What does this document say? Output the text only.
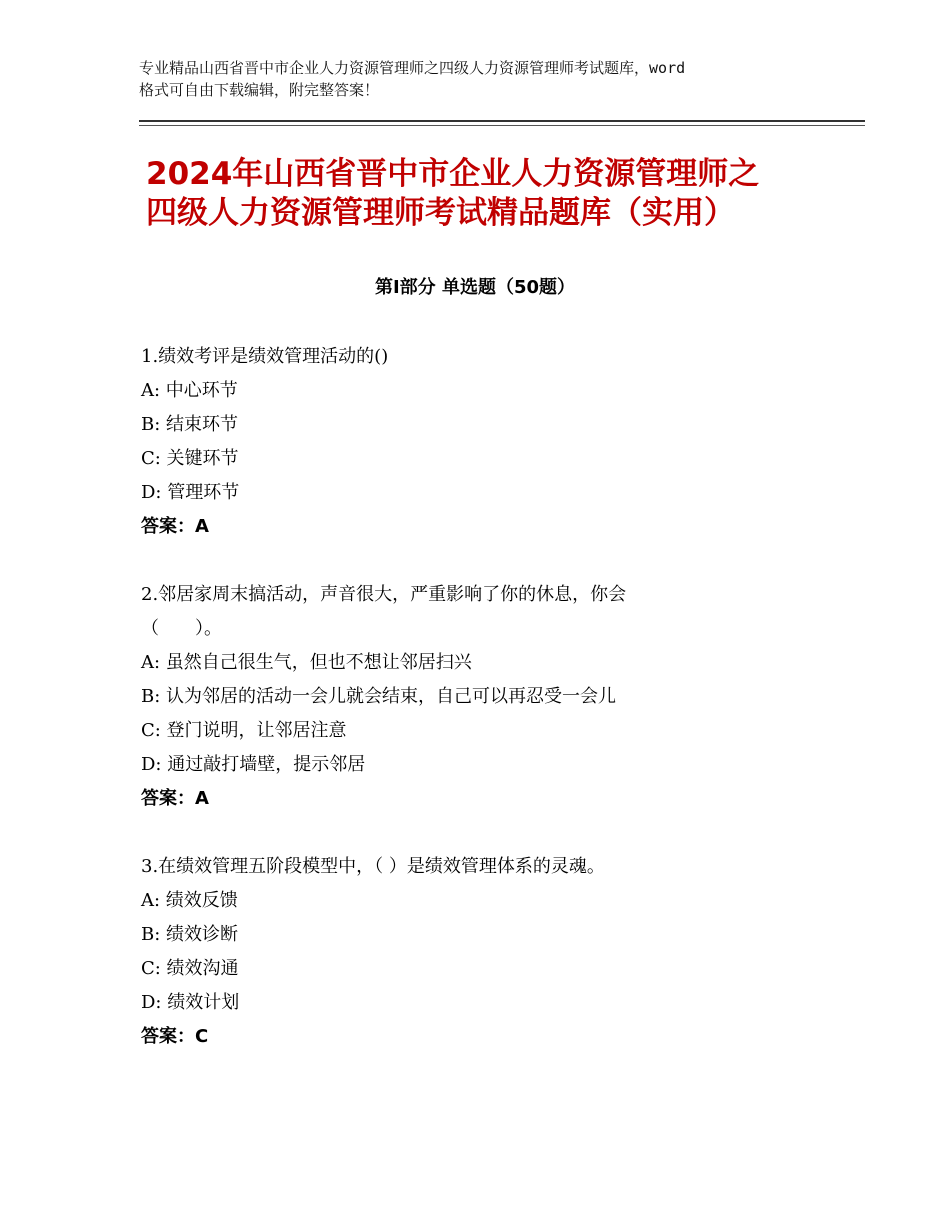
专业精品山西省晋中市企业人力资源管理师之四级人力资源管理师考试题库，word
格式可自由下载编辑，附完整答案！
2024年山西省晋中市企业人力资源管理师之
四级人力资源管理师考试精品题库（实用）
第Ⅰ部分 单选题（50题）
1.绩效考评是绩效管理活动的()
A: 中心环节
B: 结束环节
C: 关键环节
D: 管理环节
答案：A
2.邻居家周末搞活动，声音很大，严重影响了你的休息，你会
（　　）。
A: 虽然自己很生气，但也不想让邻居扫兴
B: 认为邻居的活动一会儿就会结束，自己可以再忍受一会儿
C: 登门说明，让邻居注意
D: 通过敲打墙壁，提示邻居
答案：A
3.在绩效管理五阶段模型中，（ ）是绩效管理体系的灵魂。
A: 绩效反馈
B: 绩效诊断
C: 绩效沟通
D: 绩效计划
答案：C
